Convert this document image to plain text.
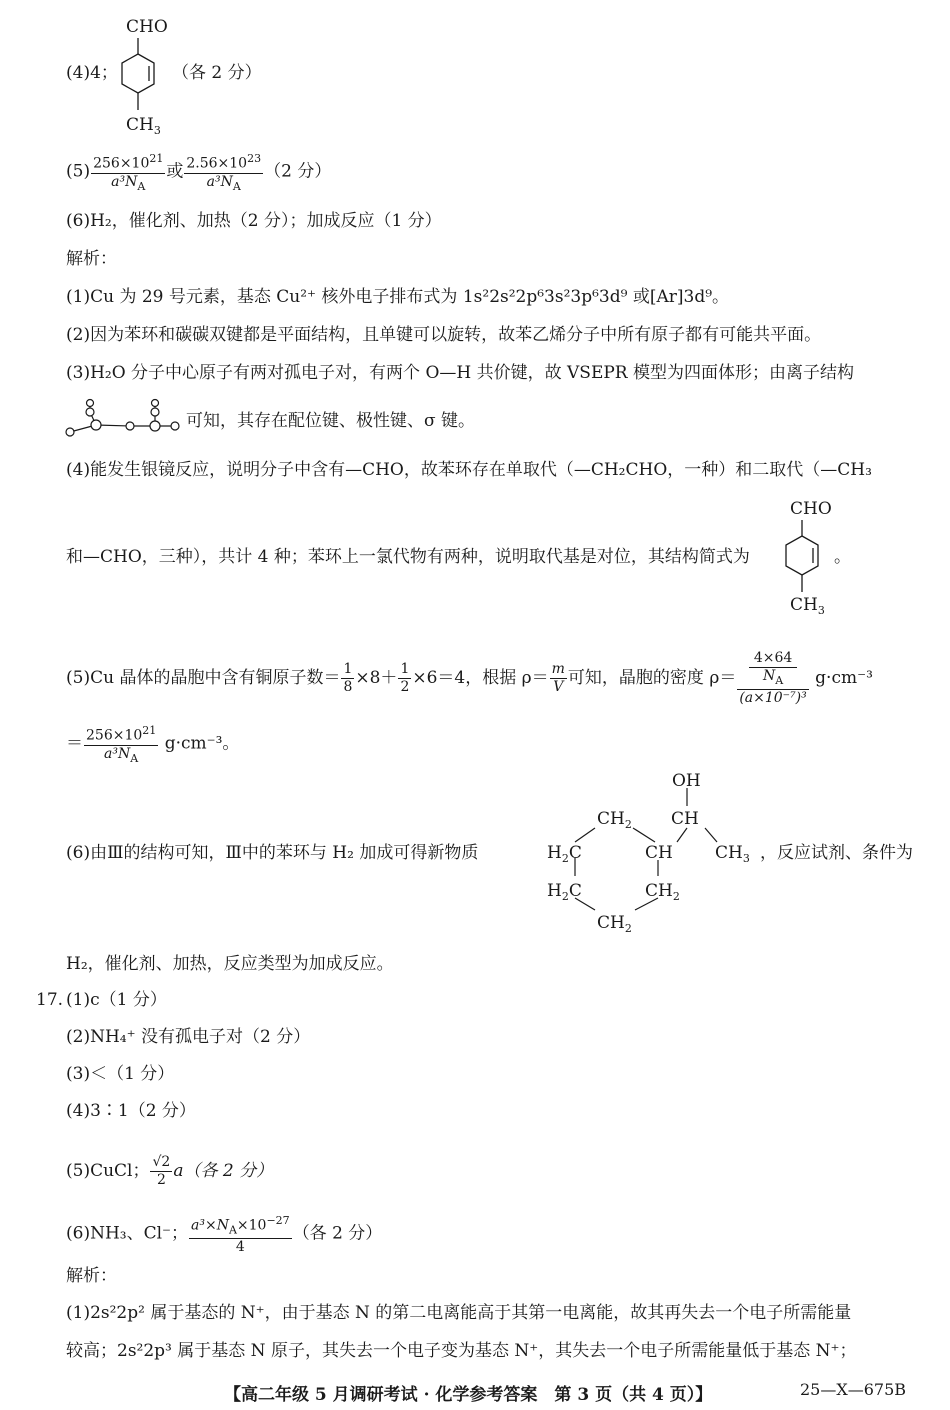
CHO
$CH_3$
(4)4；	（各 2 分）
$(5) \frac{256\times 10^{21}}{a^3N_A}$ 或 $\frac{2.56\times 10^{23}}{a^3N_A} (2$ 分）
(6)H₂，催化剂、加热（2 分）；加成反应（1 分）
解析：
(1)Cu 为 29 号元素，基态 Cu²⁺ 核外电子排布式为 1s²2s²2p⁶3s²3p⁶3d⁹ 或[Ar]3d⁹。
(2)因为苯环和碳碳双键都是平面结构，且单键可以旋转，故苯乙烯分子中所有原子都有可能共平面。
(3)H₂O 分子中心原子有两对孤电子对，有两个 O—H 共价键，故 VSEPR 模型为四面体形；由离子结构
可知，其存在配位键、极性键、σ 键。
(4)能发生银镜反应，说明分子中含有—CHO，故苯环存在单取代（—CH₂CHO，一种）和二取代（—CH₃
和—CHO，三种），共计 4 种；苯环上一氯代物有两种，说明取代基是对位，其结构简式为
CHO
$CH_3$
。
(5)Cu 晶体的晶胞中含有铜原子数＝ $\frac{1}{8} \times 8+ \frac{1}{2} \times 6=4$，根据 $\rho= \frac{m}{V}$ 可知，晶胞的密度 ρ＝ 4×64
$N_A$
(a×10⁻⁷)³ g·cm⁻³
＝ $\frac{256\times 10^{21}}{a^3N_A} g\cdot cm^{-3}$。
(6)由Ⅲ的结构可知，Ⅲ中的苯环与 H₂ 加成可得新物质
OH
CH
$CH_2$
$H_2C$	CH $CH_3$
$H_2C$	$CH_2$
$CH_2$
，反应试剂、条件为
H₂，催化剂、加热，反应类型为加成反应。
17. (1)c（1 分）
(2)NH₄⁺ 没有孤电子对（2 分）
(3)＜（1 分）
(4)3∶1（2 分）
(5)CuCl； $\frac{√2}{2} a$（各 2 分）
(6)NH₃、Cl⁻； $\frac{a^3\times N_A\times 10^{-27}}{4}$ （各 2 分）
解析：
(1)2s²2p² 属于基态的 N⁺，由于基态 N 的第二电离能高于其第一电离能，故其再失去一个电子所需能量
较高；2s²2p³ 属于基态 N 原子，其失去一个电子变为基态 N⁺，其失去一个电子所需能量低于基态 N⁺；
【高二年级 5 月调研考试 · 化学参考答案　第 3 页（共 4 页）】	25—X—675B
